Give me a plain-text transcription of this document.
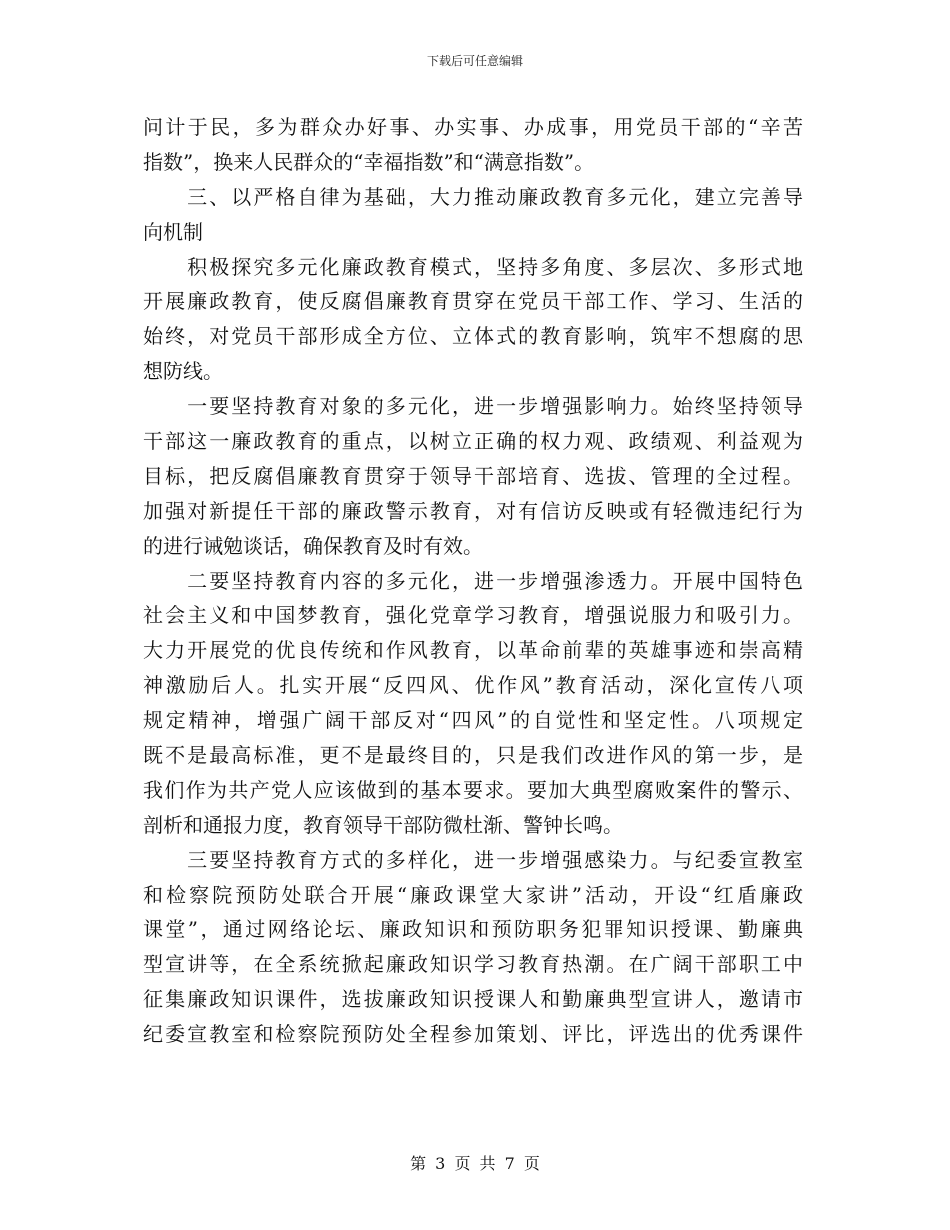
下载后可任意编辑
问计于民，多为群众办好事、办实事、办成事，用党员干部的“辛苦
指数”，换来人民群众的“幸福指数”和“满意指数”。
　　三、以严格自律为基础，大力推动廉政教育多元化，建立完善导
向机制
　　积极探究多元化廉政教育模式，坚持多角度、多层次、多形式地
开展廉政教育，使反腐倡廉教育贯穿在党员干部工作、学习、生活的
始终，对党员干部形成全方位、立体式的教育影响，筑牢不想腐的思
想防线。
　　一要坚持教育对象的多元化，进一步增强影响力。始终坚持领导
干部这一廉政教育的重点，以树立正确的权力观、政绩观、利益观为
目标，把反腐倡廉教育贯穿于领导干部培育、选拔、管理的全过程。
加强对新提任干部的廉政警示教育，对有信访反映或有轻微违纪行为
的进行诫勉谈话，确保教育及时有效。
　　二要坚持教育内容的多元化，进一步增强渗透力。开展中国特色
社会主义和中国梦教育，强化党章学习教育，增强说服力和吸引力。
大力开展党的优良传统和作风教育，以革命前辈的英雄事迹和崇高精
神激励后人。扎实开展“反四风、优作风”教育活动，深化宣传八项
规定精神，增强广阔干部反对“四风”的自觉性和坚定性。八项规定
既不是最高标准，更不是最终目的，只是我们改进作风的第一步，是
我们作为共产党人应该做到的基本要求。要加大典型腐败案件的警示、
剖析和通报力度，教育领导干部防微杜渐、警钟长鸣。
　　三要坚持教育方式的多样化，进一步增强感染力。与纪委宣教室
和检察院预防处联合开展“廉政课堂大家讲”活动，开设“红盾廉政
课堂”，通过网络论坛、廉政知识和预防职务犯罪知识授课、勤廉典
型宣讲等，在全系统掀起廉政知识学习教育热潮。在广阔干部职工中
征集廉政知识课件，选拔廉政知识授课人和勤廉典型宣讲人，邀请市
纪委宣教室和检察院预防处全程参加策划、评比，评选出的优秀课件
第 3 页 共 7 页
